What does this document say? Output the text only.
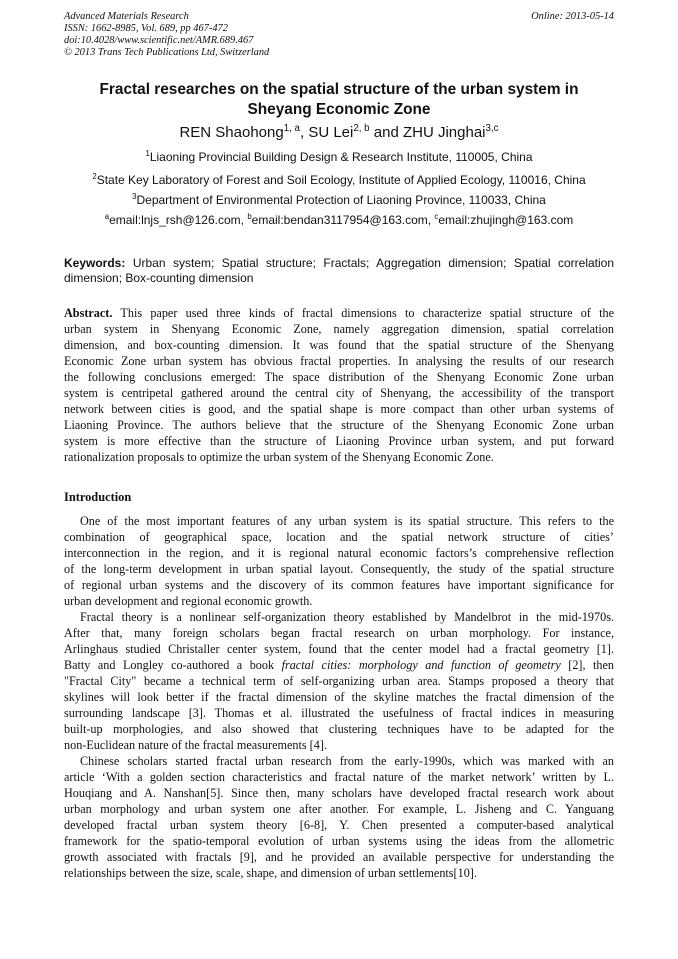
Advanced Materials Research
ISSN: 1662-8985, Vol. 689, pp 467-472
doi:10.4028/www.scientific.net/AMR.689.467
© 2013 Trans Tech Publications Ltd, Switzerland
Online: 2013-05-14
Fractal researches on the spatial structure of the urban system in
Sheyang Economic Zone
REN Shaohong$^{1, a}$, SU Lei$^{2, b}$ and ZHU Jinghai$^{3,c}$
$^1$Liaoning Provincial Building Design & Research Institute, 110005, China
$^2$State Key Laboratory of Forest and Soil Ecology, Institute of Applied Ecology, 110016, China
$^3$Department of Environmental Protection of Liaoning Province, 110033, China
$^a$email:lnjs_rsh@126.com, $^b$email:bendan3117954@163.com, $^c$email:zhujingh@163.com
Keywords: Urban system; Spatial structure; Fractals; Aggregation dimension; Spatial correlation
dimension; Box-counting dimension
Abstract. This paper used three kinds of fractal dimensions to characterize spatial structure of the
urban system in Shenyang Economic Zone, namely aggregation dimension, spatial correlation
dimension, and box-counting dimension. It was found that the spatial structure of the Shenyang
Economic Zone urban system has obvious fractal properties. In analysing the results of our research
the following conclusions emerged: The space distribution of the Shenyang Economic Zone urban
system is centripetal gathered around the central city of Shenyang, the accessibility of the transport
network between cities is good, and the spatial shape is more compact than other urban systems of
Liaoning Province. The authors believe that the structure of the Shenyang Economic Zone urban
system is more effective than the structure of Liaoning Province urban system, and put forward
rationalization proposals to optimize the urban system of the Shenyang Economic Zone.
Introduction
One of the most important features of any urban system is its spatial structure. This refers to the
combination of geographical space, location and the spatial network structure of cities’
interconnection in the region, and it is regional natural economic factors’s comprehensive reflection
of the long-term development in urban spatial layout. Consequently, the study of the spatial structure
of regional urban systems and the discovery of its common features have important significance for
urban development and regional economic growth.
Fractal theory is a nonlinear self-organization theory established by Mandelbrot in the mid-1970s.
After that, many foreign scholars began fractal research on urban morphology. For instance,
Arlinghaus studied Christaller center system, found that the center model had a fractal geometry [1].
Batty and Longley co-authored a book fractal cities: morphology and function of geometry [2], then
"Fractal City" became a technical term of self-organizing urban area. Stamps proposed a theory that
skylines will look better if the fractal dimension of the skyline matches the fractal dimension of the
surrounding landscape [3]. Thomas et al. illustrated the usefulness of fractal indices in measuring
built-up morphologies, and also showed that clustering techniques have to be adapted for the
non-Euclidean nature of the fractal measurements [4].
Chinese scholars started fractal urban research from the early-1990s, which was marked with an
article ‘With a golden section characteristics and fractal nature of the market network’ written by L.
Houqiang and A. Nanshan[5]. Since then, many scholars have developed fractal research work about
urban morphology and urban system one after another. For example, L. Jisheng and C. Yanguang
developed fractal urban system theory [6-8], Y. Chen presented a computer-based analytical
framework for the spatio-temporal evolution of urban systems using the ideas from the allometric
growth associated with fractals [9], and he provided an available perspective for understanding the
relationships between the size, scale, shape, and dimension of urban settlements[10].
